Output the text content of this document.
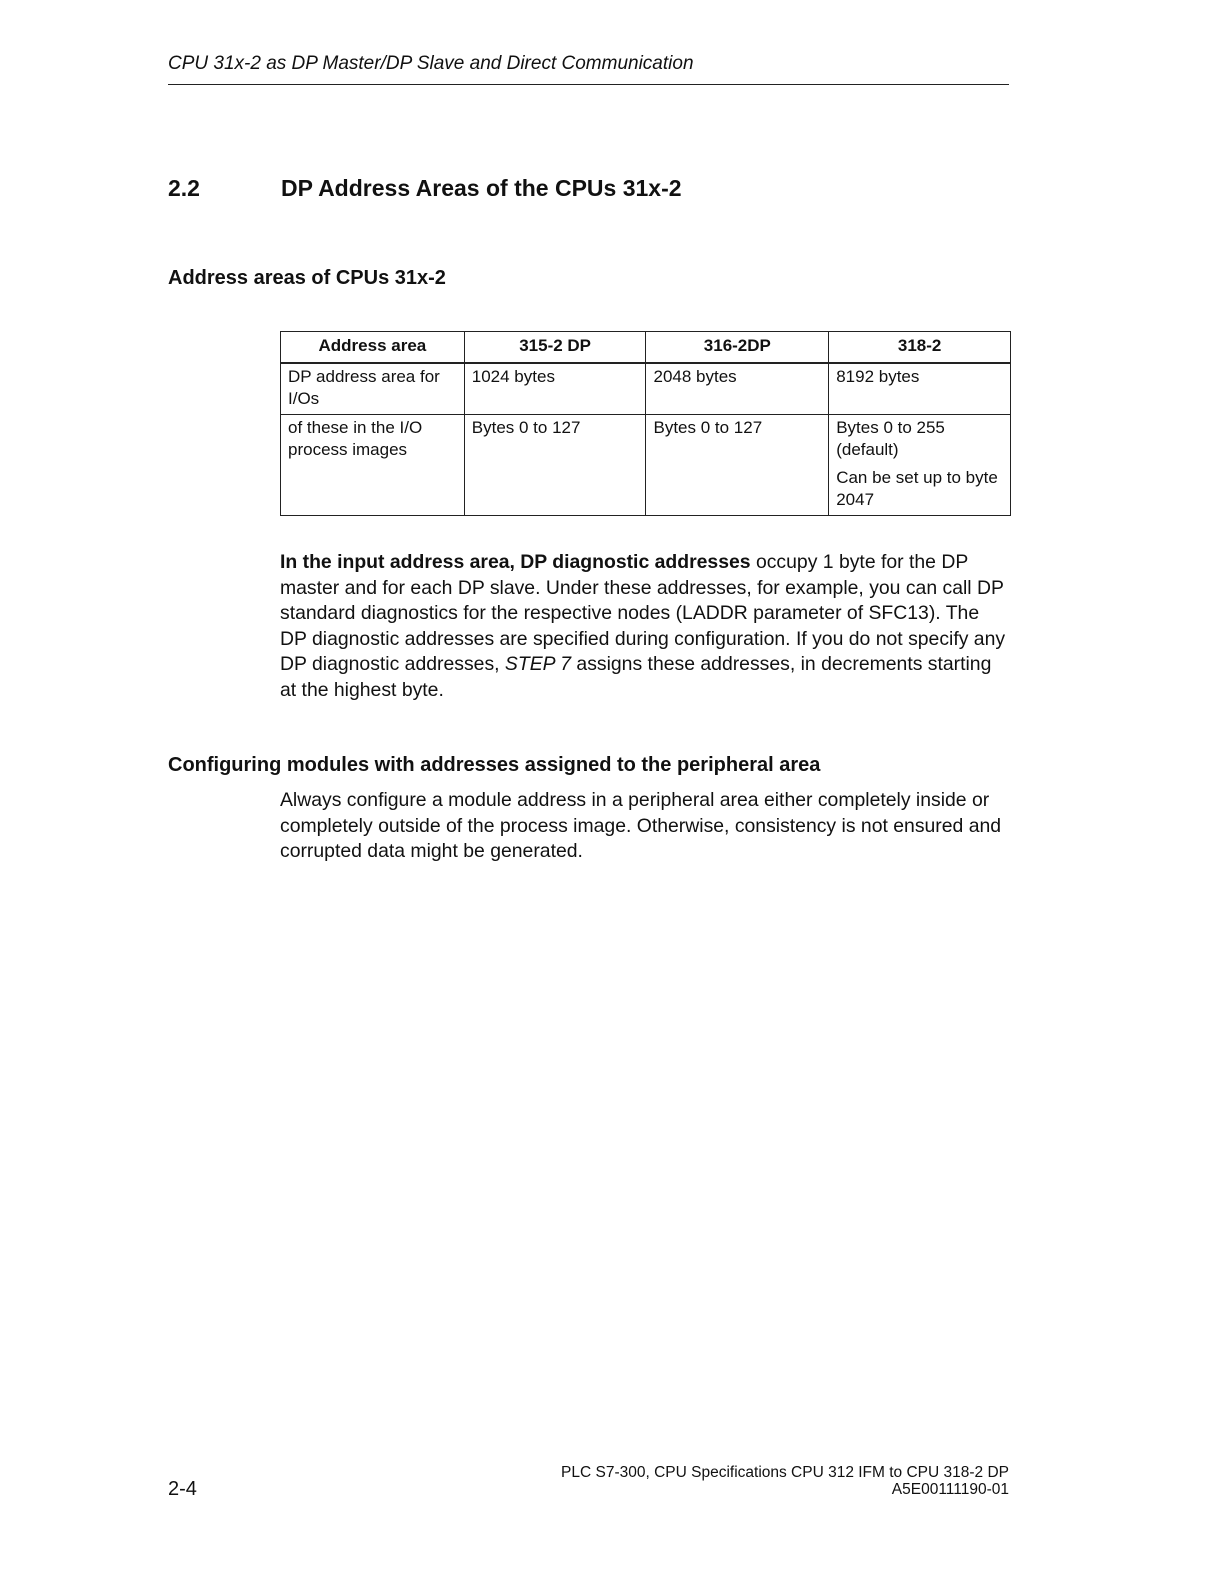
CPU 31x-2 as DP Master/DP Slave and Direct Communication
2.2	DP Address Areas of the CPUs 31x-2
Address areas of CPUs 31x-2
Address area	315-2 DP	316-2DP	318-2
DP address area for I/Os	1024 bytes	2048 bytes	8192 bytes
of these in the I/O process images	Bytes 0 to 127	Bytes 0 to 127	Bytes 0 to 255 (default)
Can be set up to byte 2047
In the input address area, DP diagnostic addresses occupy 1 byte for the DP master and for each DP slave. Under these addresses, for example, you can call DP standard diagnostics for the respective nodes (LADDR parameter of SFC13). The DP diagnostic addresses are specified during configuration. If you do not specify any DP diagnostic addresses, STEP 7 assigns these addresses, in decrements starting at the highest byte.
Configuring modules with addresses assigned to the peripheral area
Always configure a module address in a peripheral area either completely inside or completely outside of the process image. Otherwise, consistency is not ensured and corrupted data might be generated.
2-4
PLC S7-300, CPU Specifications CPU 312 IFM to CPU 318-2 DP
A5E00111190-01
